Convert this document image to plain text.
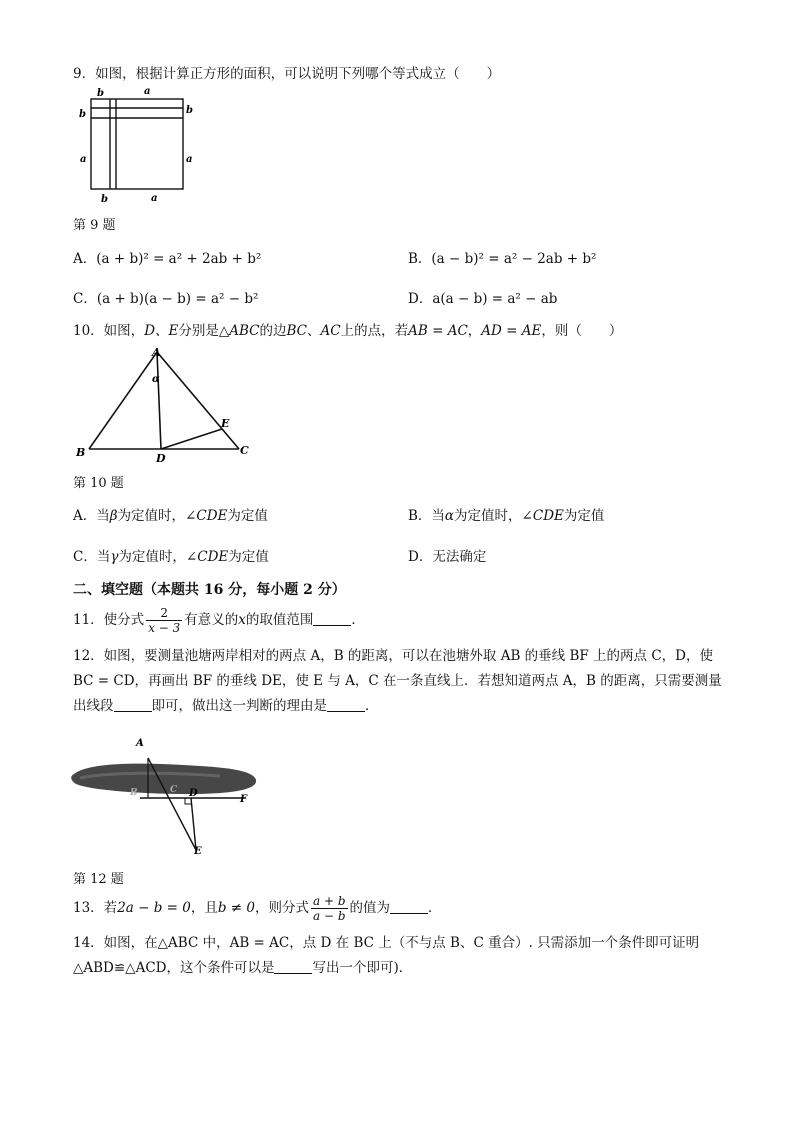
9．如图，根据计算正方形的面积，可以说明下列哪个等式成立（　　）
b	a
b
a
b
a
b	a
第 9 题
A．(a + b)² = a² + 2ab + b²	B．(a − b)² = a² − 2ab + b²
C．(a + b)(a − b) = a² − b²	D．a(a − b) = a² − ab
10．如图，D、E分别是△ABC的边BC、AC上的点，若AB = AC，AD = AE，则（　　）
A
α
B	C
D
E
第 10 题
A．当β为定值时，∠CDE为定值	B．当α为定值时，∠CDE为定值
C．当γ为定值时，∠CDE为定值	D．无法确定
二、填空题（本题共 16 分，每小题 2 分）
11．使分式 $\frac{2}{x - 3}$ 有意义的x的取值范围	．
12．如图，要测量池塘两岸相对的两点 A，B 的距离，可以在池塘外取 AB 的垂线 BF 上的两点 C，D，使
BC = CD，再画出 BF 的垂线 DE，使 E 与 A，C 在一条直线上．若想知道两点 A，B 的距离，只需要测量
出线段	即可，做出这一判断的理由是	．
A
C
B	D
F
E
第 12 题
13．若2a − b = 0，且b ≠ 0，则分式 $\frac{a + b}{a - b}$ 的值为	．
14．如图，在△ABC 中，AB = AC，点 D 在 BC 上（不与点 B、C 重合）. 只需添加一个条件即可证明
△ABD≌△ACD，这个条件可以是	写出一个即可)．
